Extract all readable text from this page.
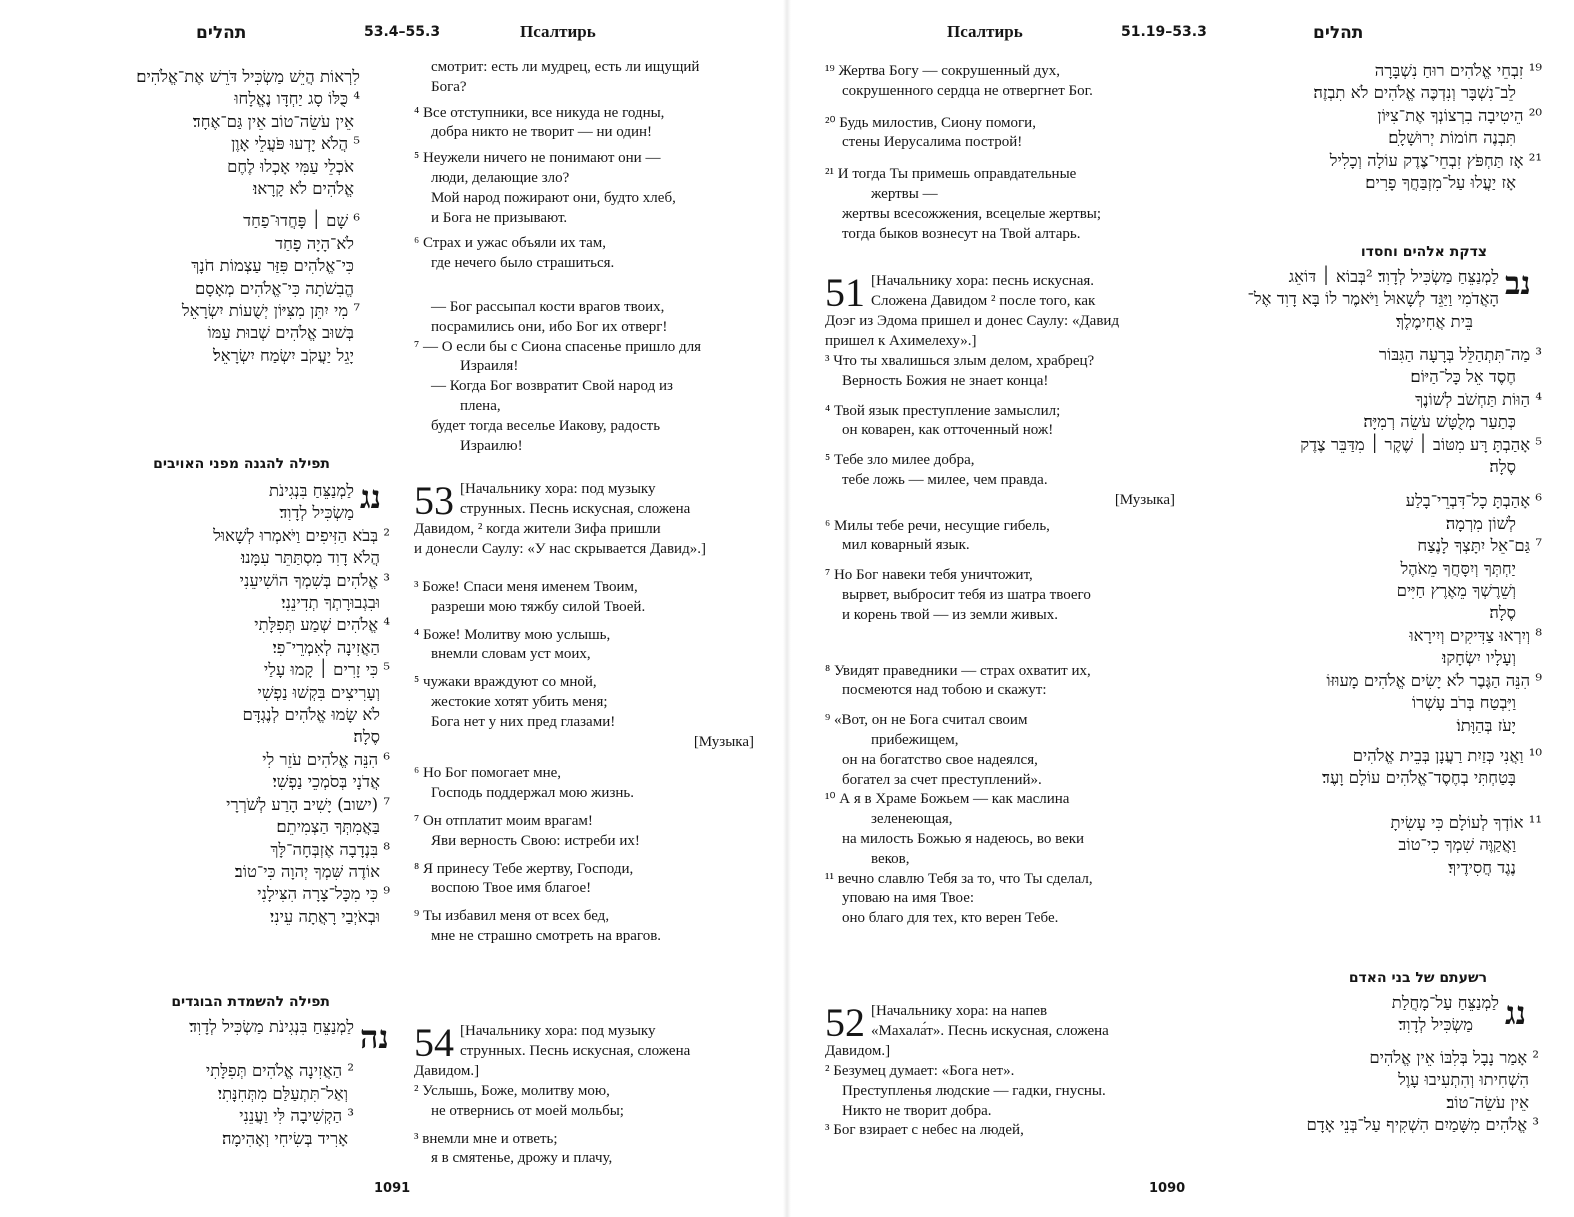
תהלים	53.4–55.3	Псалтирь
לִרְאוֹת הֲיֵשׁ מַשְׂכִּיל דֹּרֵשׁ אֶת־אֱלֹהִים׃
⁴ כֻּלּוֹ סָג יַחְדָּו נֶאֱלָחוּ
אֵין עֹשֵׂה־טוֹב אֵין גַּם־אֶחָד׃
⁵ הֲלֹא יָדְעוּ פֹּעֲלֵי אָוֶן
אֹכְלֵי עַמִּי אָכְלוּ לֶחֶם
אֱלֹהִים לֹא קָרָאוּ׃
⁶ שָׁם ׀ פָּחֲדוּ־פַחַד
לֹא־הָיָה פָחַד
כִּי־אֱלֹהִים פִּזַּר עַצְמוֹת חֹנָךְ
הֱבִשֹׁתָה כִּי־אֱלֹהִים מְאָסָם׃
⁷ מִי יִתֵּן מִצִּיּוֹן יְשֻׁעוֹת יִשְׂרָאֵל
בְּשׁוּב אֱלֹהִים שְׁבוּת עַמּוֹ
יָגֵל יַעֲקֹב יִשְׂמַח יִשְׂרָאֵל׃
смотрит: есть ли мудрец, есть ли ищущий
Бога?
⁴ Все отступники, все никуда не годны,
добра никто не творит — ни один!
⁵ Неужели ничего не понимают они —
люди, делающие зло?
Мой народ пожирают они, будто хлеб,
и Бога не призывают.
⁶ Страх и ужас объяли их там,
где нечего было страшиться.
— Бог рассыпал кости врагов твоих,
посрамились они, ибо Бог их отверг!
⁷ — О если бы с Сиона спасенье пришло для
Израиля!
— Когда Бог возвратит Свой народ из
плена,
будет тогда веселье Иакову, радость
Израилю!
תפילה להגנה מפני האויבים
נג
לַמְנַצֵּחַ בִּנְגִינֹת
מַשְׂכִּיל לְדָוִד׃
² בְּבֹא הַזִּיפִים וַיֹּאמְרוּ לְשָׁאוּל
הֲלֹא דָוִד מִסְתַּתֵּר עִמָּנוּ׃
³ אֱלֹהִים בְּשִׁמְךָ הוֹשִׁיעֵנִי
וּבִגְבוּרָתְךָ תְדִינֵנִי׃
⁴ אֱלֹהִים שְׁמַע תְּפִלָּתִי
הַאֲזִינָה לְאִמְרֵי־פִי׃
⁵ כִּי זָרִים ׀ קָמוּ עָלַי
וְעָרִיצִים בִּקְשׁוּ נַפְשִׁי
לֹא שָׂמוּ אֱלֹהִים לְנֶגְדָּם
סֶלָה׃
⁶ הִנֵּה אֱלֹהִים עֹזֵר לִי
אֲדֹנָי בְּסֹמְכֵי נַפְשִׁי׃
⁷ (ישוב) יָשִׁיב הָרַע לְשֹׁרְרָי
בַּאֲמִתְּךָ הַצְמִיתֵם׃
⁸ בִּנְדָבָה אֶזְבְּחָה־לָּךְ
אוֹדֶה שִּׁמְךָ יְהוָה כִּי־טוֹב׃
⁹ כִּי מִכָּל־צָרָה הִצִּילָנִי
וּבְאֹיְבַי רָאֲתָה עֵינִי׃
53 [Начальнику хора: под музыку
струнных. Песнь искусная, сложена
Давидом, ² когда жители Зифа пришли
и донесли Саулу: «У нас скрывается Давид».]
³ Боже! Спаси меня именем Твоим,
разреши мою тяжбу силой Твоей.
⁴ Боже! Молитву мою услышь,
внемли словам уст моих,
⁵ чужаки враждуют со мной,
жестокие хотят убить меня;
Бога нет у них пред глазами!
[Музыка]
⁶ Но Бог помогает мне,
Господь поддержал мою жизнь.
⁷ Он отплатит моим врагам!
Яви верность Свою: истреби их!
⁸ Я принесу Тебе жертву, Господи,
воспою Твое имя благое!
⁹ Ты избавил меня от всех бед,
мне не страшно смотреть на врагов.
תפילה להשמדת הבוגדים
נה
לַמְנַצֵּחַ בִּנְגִינֹת מַשְׂכִּיל לְדָוִד׃
² הַאֲזִינָה אֱלֹהִים תְּפִלָּתִי
וְאַל־תִּתְעַלַּם מִתְּחִנָּתִי׃
³ הַקְשִׁיבָה לִּי וַעֲנֵנִי
אָרִיד בְּשִׂיחִי וְאָהִימָה׃
54 [Начальнику хора: под музыку
струнных. Песнь искусная, сложена
Давидом.]
² Услышь, Боже, молитву мою,
не отвернись от моей мольбы;
³ внемли мне и ответь;
я в смятенье, дрожу и плачу,
1091
Псалтирь	51.19–53.3	תהלים
¹⁹ Жертва Богу — сокрушенный дух,
сокрушенного сердца не отвергнет Бог.
²⁰ Будь милостив, Сиону помоги,
стены Иерусалима построй!
²¹ И тогда Ты примешь оправдательные
жертвы —
жертвы всесожжения, всецелые жертвы;
тогда быков вознесут на Твой алтарь.
¹⁹ זִבְחֵי אֱלֹהִים רוּחַ נִשְׁבָּרָה
לֵב־נִשְׁבָּר וְנִדְכֶּה אֱלֹהִים לֹא תִבְזֶה׃
²⁰ הֵיטִיבָה בִרְצוֹנְךָ אֶת־צִיּוֹן
תִּבְנֶה חוֹמוֹת יְרוּשָׁלָ‍ִם׃
²¹ אָז תַּחְפֹּץ זִבְחֵי־צֶדֶק עוֹלָה וְכָלִיל
אָז יַעֲלוּ עַל־מִזְבַּחֲךָ פָרִים׃
צדקת אלהים וחסדו
נב
לַמְנַצֵּחַ מַשְׂכִּיל לְדָוִד׃ ²בְּבוֹא ׀ דּוֹאֵג
הָאֲדֹמִי וַיַּגֵּד לְשָׁאוּל וַיֹּאמֶר לוֹ בָּא דָוִד אֶל־
בֵּית אֲחִימֶלֶךְ׃
³ מַה־תִּתְהַלֵּל בְּרָעָה הַגִּבּוֹר
חֶסֶד אֵל כָּל־הַיּוֹם׃
⁴ הַוּוֹת תַּחְשֹׁב לְשׁוֹנֶךָ
כְּתַעַר מְלֻטָּשׁ עֹשֵׂה רְמִיָּה׃
⁵ אָהַבְתָּ רָּע מִטּוֹב ׀ שֶׁקֶר ׀ מִדַּבֵּר צֶדֶק
סֶלָה׃
⁶ אָהַבְתָּ כָל־דִּבְרֵי־בָלַע
לְשׁוֹן מִרְמָה׃
⁷ גַּם־אֵל יִתָּצְךָ לָנֶצַח
יַחְתְּךָ וְיִסָּחֲךָ מֵאֹהֶל
וְשֵׁרֶשְׁךָ מֵאֶרֶץ חַיִּים
סֶלָה׃
⁸ וְיִרְאוּ צַדִּיקִים וְיִירָאוּ
וְעָלָיו יִשְׂחָקוּ׃
⁹ הִנֵּה הַגֶּבֶר לֹא יָשִׂים אֱלֹהִים מָעוּזּוֹ
וַיִּבְטַח בְּרֹב עָשְׁרוֹ
יָעֹז בְּהַוָּתוֹ׃
¹⁰ וַאֲנִי כְּזַיִת רַעֲנָן בְּבֵית אֱלֹהִים
בָּטַחְתִּי בְחֶסֶד־אֱלֹהִים עוֹלָם וָעֶד׃
¹¹ אוֹדְךָ לְעוֹלָם כִּי עָשִׂיתָ
וַאֲקַוֶּה שִׁמְךָ כִי־טוֹב
נֶגֶד חֲסִידֶיךָ׃
51 [Начальнику хора: песнь искусная.
Сложена Давидом ² после того, как
Доэг из Эдома пришел и донес Саулу: «Давид
пришел к Ахимелеху».]
³ Что ты хвалишься злым делом, храбрец?
Верность Божия не знает конца!
⁴ Твой язык преступление замыслил;
он коварен, как отточенный нож!
⁵ Тебе зло милее добра,
тебе ложь — милее, чем правда.
[Музыка]
⁶ Милы тебе речи, несущие гибель,
мил коварный язык.
⁷ Но Бог навеки тебя уничтожит,
вырвет, выбросит тебя из шатра твоего
и корень твой — из земли живых.
⁸ Увидят праведники — страх охватит их,
посмеются над тобою и скажут:
⁹ «Вот, он не Бога считал своим
прибежищем,
он на богатство свое надеялся,
богател за счет преступлений».
¹⁰ А я в Храме Божьем — как маслина
зеленеющая,
на милость Божью я надеюсь, во веки
веков,
¹¹ вечно славлю Тебя за то, что Ты сделал,
уповаю на имя Твое:
оно благо для тех, кто верен Тебе.
רשעתם של בני האדם
נג
לַמְנַצֵּחַ עַל־מָחֲלַת
מַשְׂכִּיל לְדָוִד׃
² אָמַר נָבָל בְּלִבּוֹ אֵין אֱלֹהִים
הִשְׁחִיתוּ וְהִתְעִיבוּ עָוֶל
אֵין עֹשֵׂה־טוֹב׃
³ אֱלֹהִים מִשָּׁמַיִם הִשְׁקִיף עַל־בְּנֵי אָדָם
52 [Начальнику хора: на напев
«Махала́т». Песнь искусная, сложена
Давидом.]
² Безумец думает: «Бога нет».
Преступленья людские — гадки, гнусны.
Никто не творит добра.
³ Бог взирает с небес на людей,
1090
